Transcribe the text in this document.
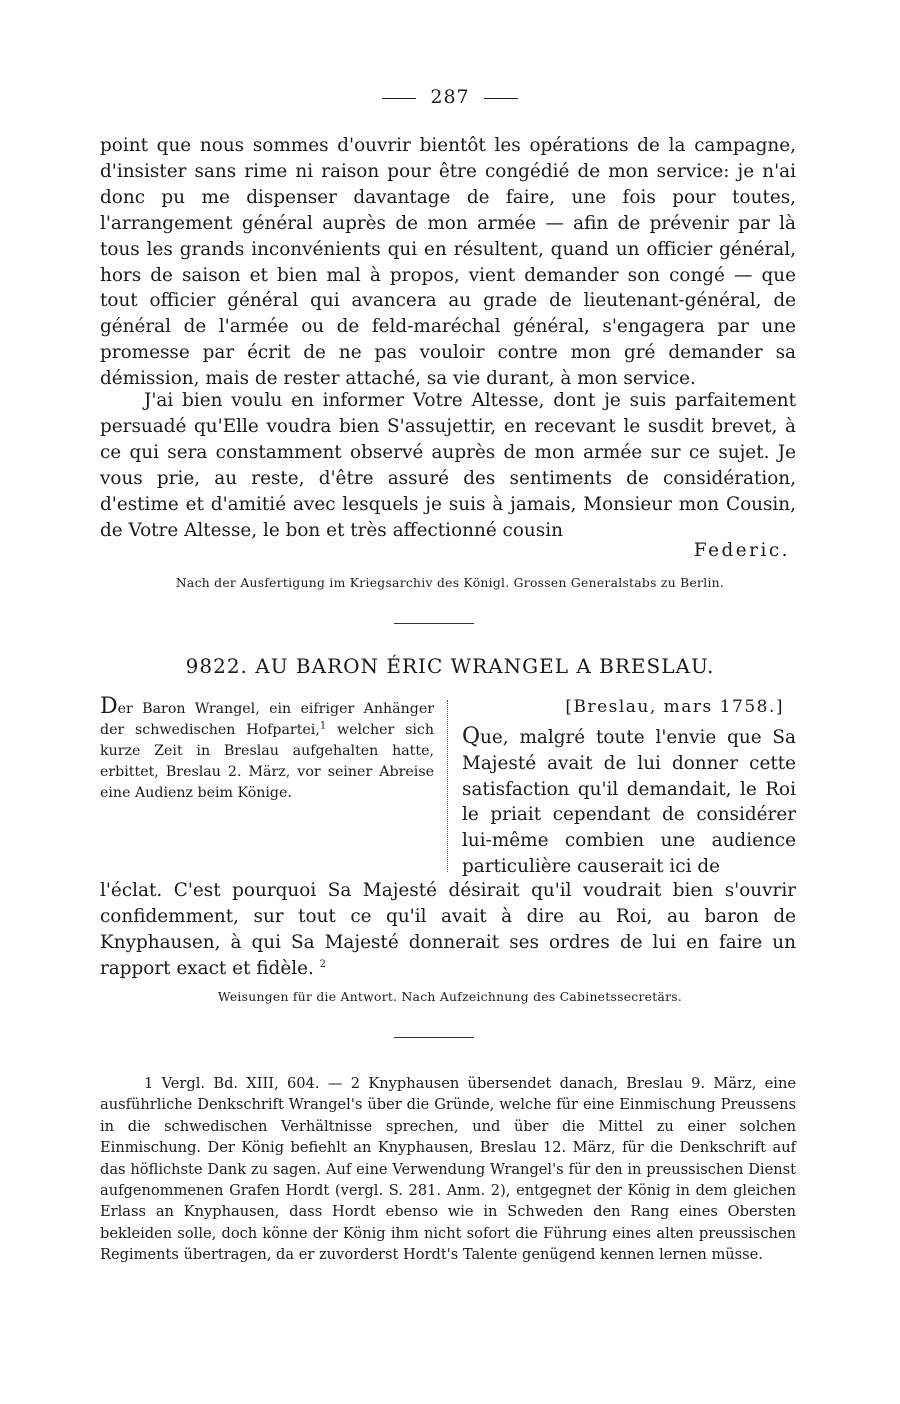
287

point que nous sommes d'ouvrir bientôt les opérations de la campagne, d'insister sans rime ni raison pour être congédié de mon service: je n'ai donc pu me dispenser davantage de faire, une fois pour toutes, l'arrangement général auprès de mon armée — afin de prévenir par là tous les grands inconvénients qui en résultent, quand un officier général, hors de saison et bien mal à propos, vient demander son congé — que tout officier général qui avancera au grade de lieutenant-général, de général de l'armée ou de feld-maréchal général, s'engagera par une promesse par écrit de ne pas vouloir contre mon gré demander sa démission, mais de rester attaché, sa vie durant, à mon service.

J'ai bien voulu en informer Votre Altesse, dont je suis parfaitement persuadé qu'Elle voudra bien S'assujettir, en recevant le susdit brevet, à ce qui sera constamment observé auprès de mon armée sur ce sujet. Je vous prie, au reste, d'être assuré des sentiments de considération, d'estime et d'amitié avec lesquels je suis à jamais, Monsieur mon Cousin, de Votre Altesse, le bon et très affectionné cousin

Federic.

Nach der Ausfertigung im Kriegsarchiv des Königl. Grossen Generalstabs zu Berlin.

9822. AU BARON ÉRIC WRANGEL A BRESLAU.

Der Baron Wrangel, ein eifriger Anhänger der schwedischen Hofpartei,$^1$ welcher sich kurze Zeit in Breslau aufgehalten hatte, erbittet, Breslau 2. März, vor seiner Abreise eine Audienz beim Könige.

[Breslau, mars 1758.]

Que, malgré toute l'envie que Sa Majesté avait de lui donner cette satisfaction qu'il demandait, le Roi le priait cependant de considérer lui-même combien une audience particulière causerait ici de

l'éclat. C'est pourquoi Sa Majesté désirait qu'il voudrait bien s'ouvrir confidemment, sur tout ce qu'il avait à dire au Roi, au baron de Knyphausen, à qui Sa Majesté donnerait ses ordres de lui en faire un rapport exact et fidèle. $^2$

Weisungen für die Antwort. Nach Aufzeichnung des Cabinetssecretärs.

1 Vergl. Bd. XIII, 604. — 2 Knyphausen übersendet danach, Breslau 9. März, eine ausführliche Denkschrift Wrangel's über die Gründe, welche für eine Einmischung Preussens in die schwedischen Verhältnisse sprechen, und über die Mittel zu einer solchen Einmischung. Der König befiehlt an Knyphausen, Breslau 12. März, für die Denkschrift auf das höflichste Dank zu sagen. Auf eine Verwendung Wrangel's für den in preussischen Dienst aufgenommenen Grafen Hordt (vergl. S. 281. Anm. 2), entgegnet der König in dem gleichen Erlass an Knyphausen, dass Hordt ebenso wie in Schweden den Rang eines Obersten bekleiden solle, doch könne der König ihm nicht sofort die Führung eines alten preussischen Regiments übertragen, da er zuvorderst Hordt's Talente genügend kennen lernen müsse.
